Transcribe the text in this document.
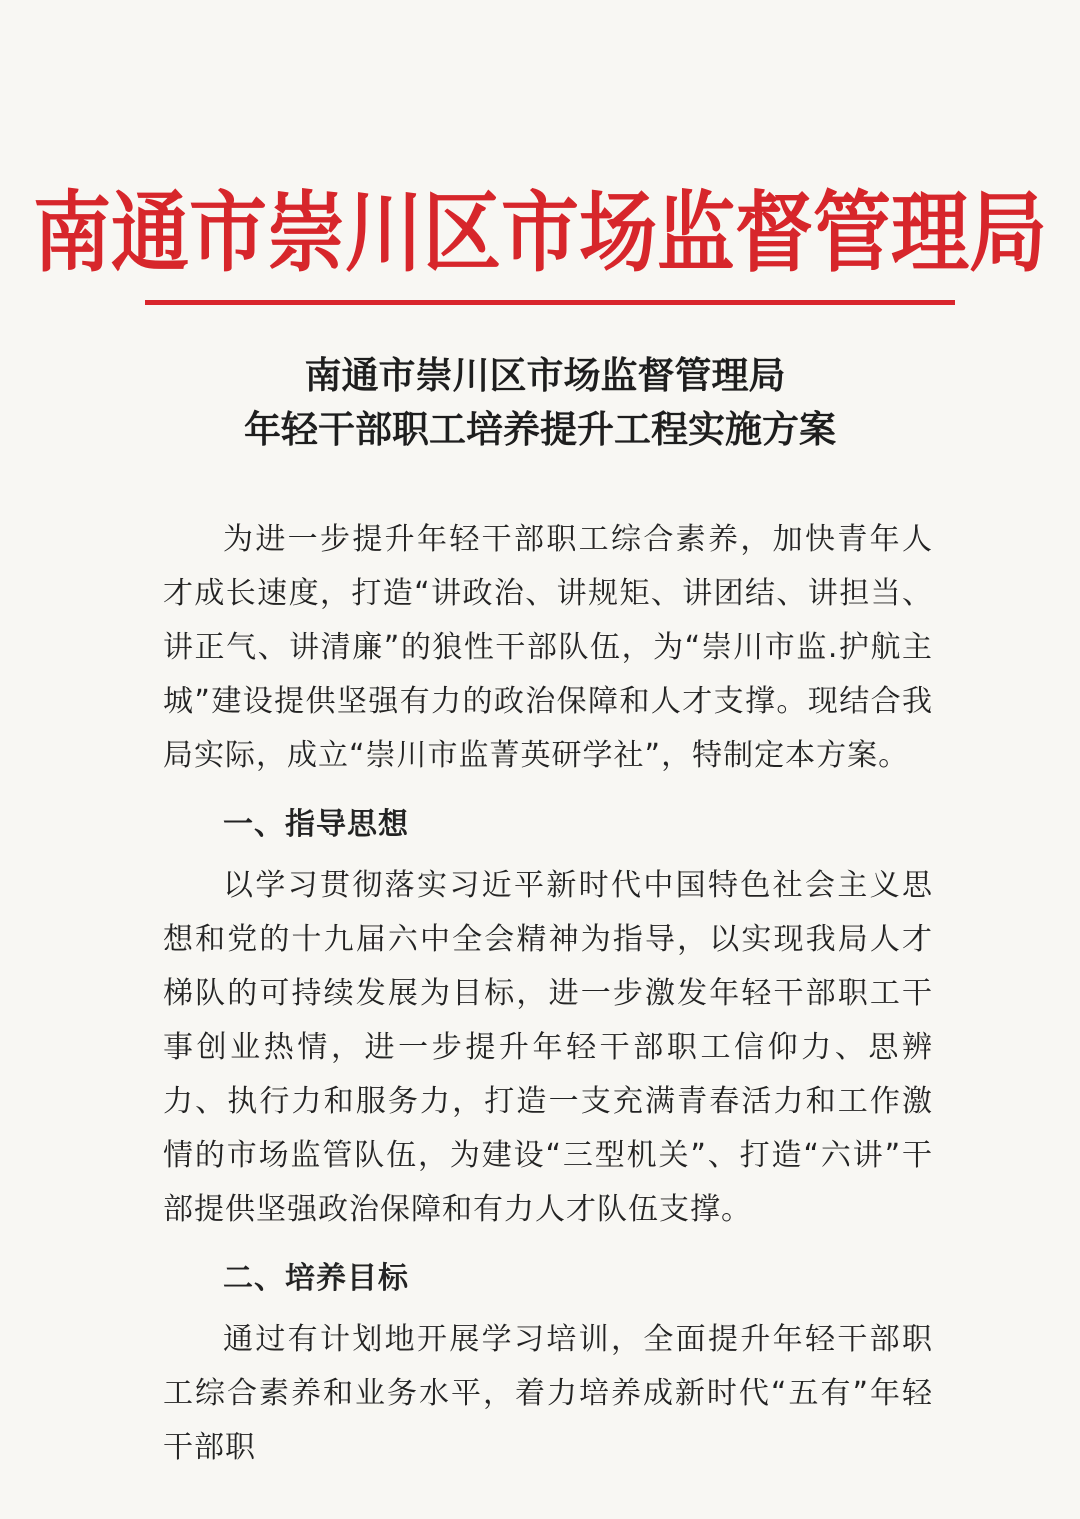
南通市崇川区市场监督管理局
南通市崇川区市场监督管理局
年轻干部职工培养提升工程实施方案

为进一步提升年轻干部职工综合素养，加快青年人才成长速度，打造“讲政治、讲规矩、讲团结、讲担当、讲正气、讲清廉”的狼性干部队伍，为“崇川市监.护航主城”建设提供坚强有力的政治保障和人才支撑。现结合我局实际，成立“崇川市监菁英研学社”，特制定本方案。

一、指导思想

以学习贯彻落实习近平新时代中国特色社会主义思想和党的十九届六中全会精神为指导，以实现我局人才梯队的可持续发展为目标，进一步激发年轻干部职工干事创业热情，进一步提升年轻干部职工信仰力、思辨力、执行力和服务力，打造一支充满青春活力和工作激情的市场监管队伍，为建设“三型机关”、打造“六讲”干部提供坚强政治保障和有力人才队伍支撑。

二、培养目标

通过有计划地开展学习培训，全面提升年轻干部职工综合素养和业务水平，着力培养成新时代“五有”年轻干部职
